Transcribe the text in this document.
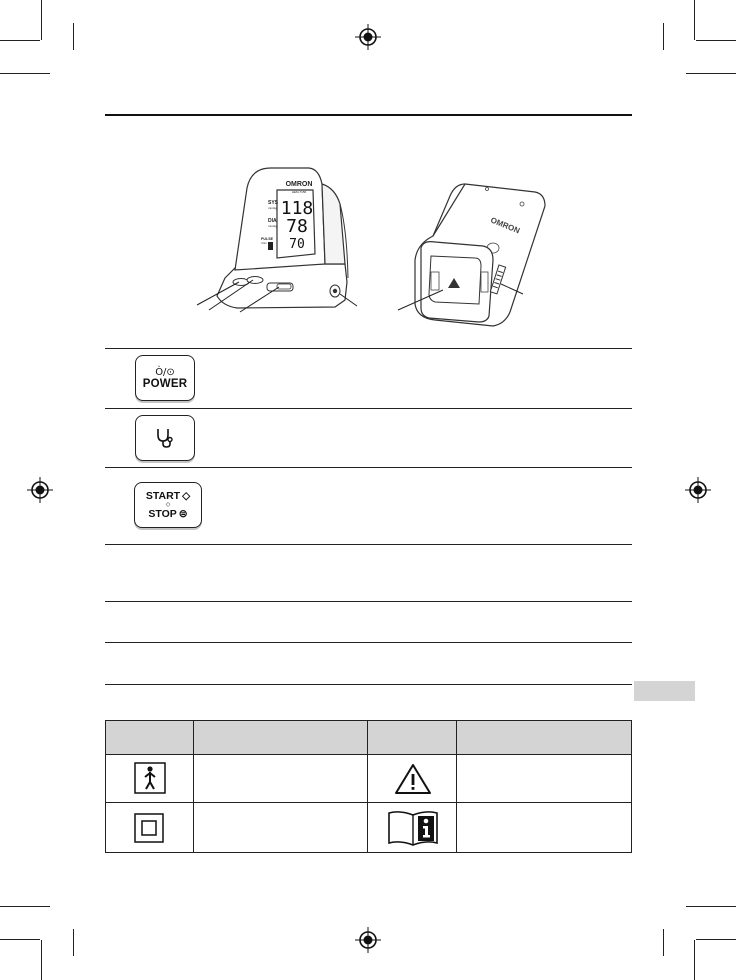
OMRON
HEM-7156
SYS
mmHg
DIA
mmHg
PULSE
/min
118
78
70
OMRON
Ò/⊙
POWER
START ◇
◇
STOP ⊜
